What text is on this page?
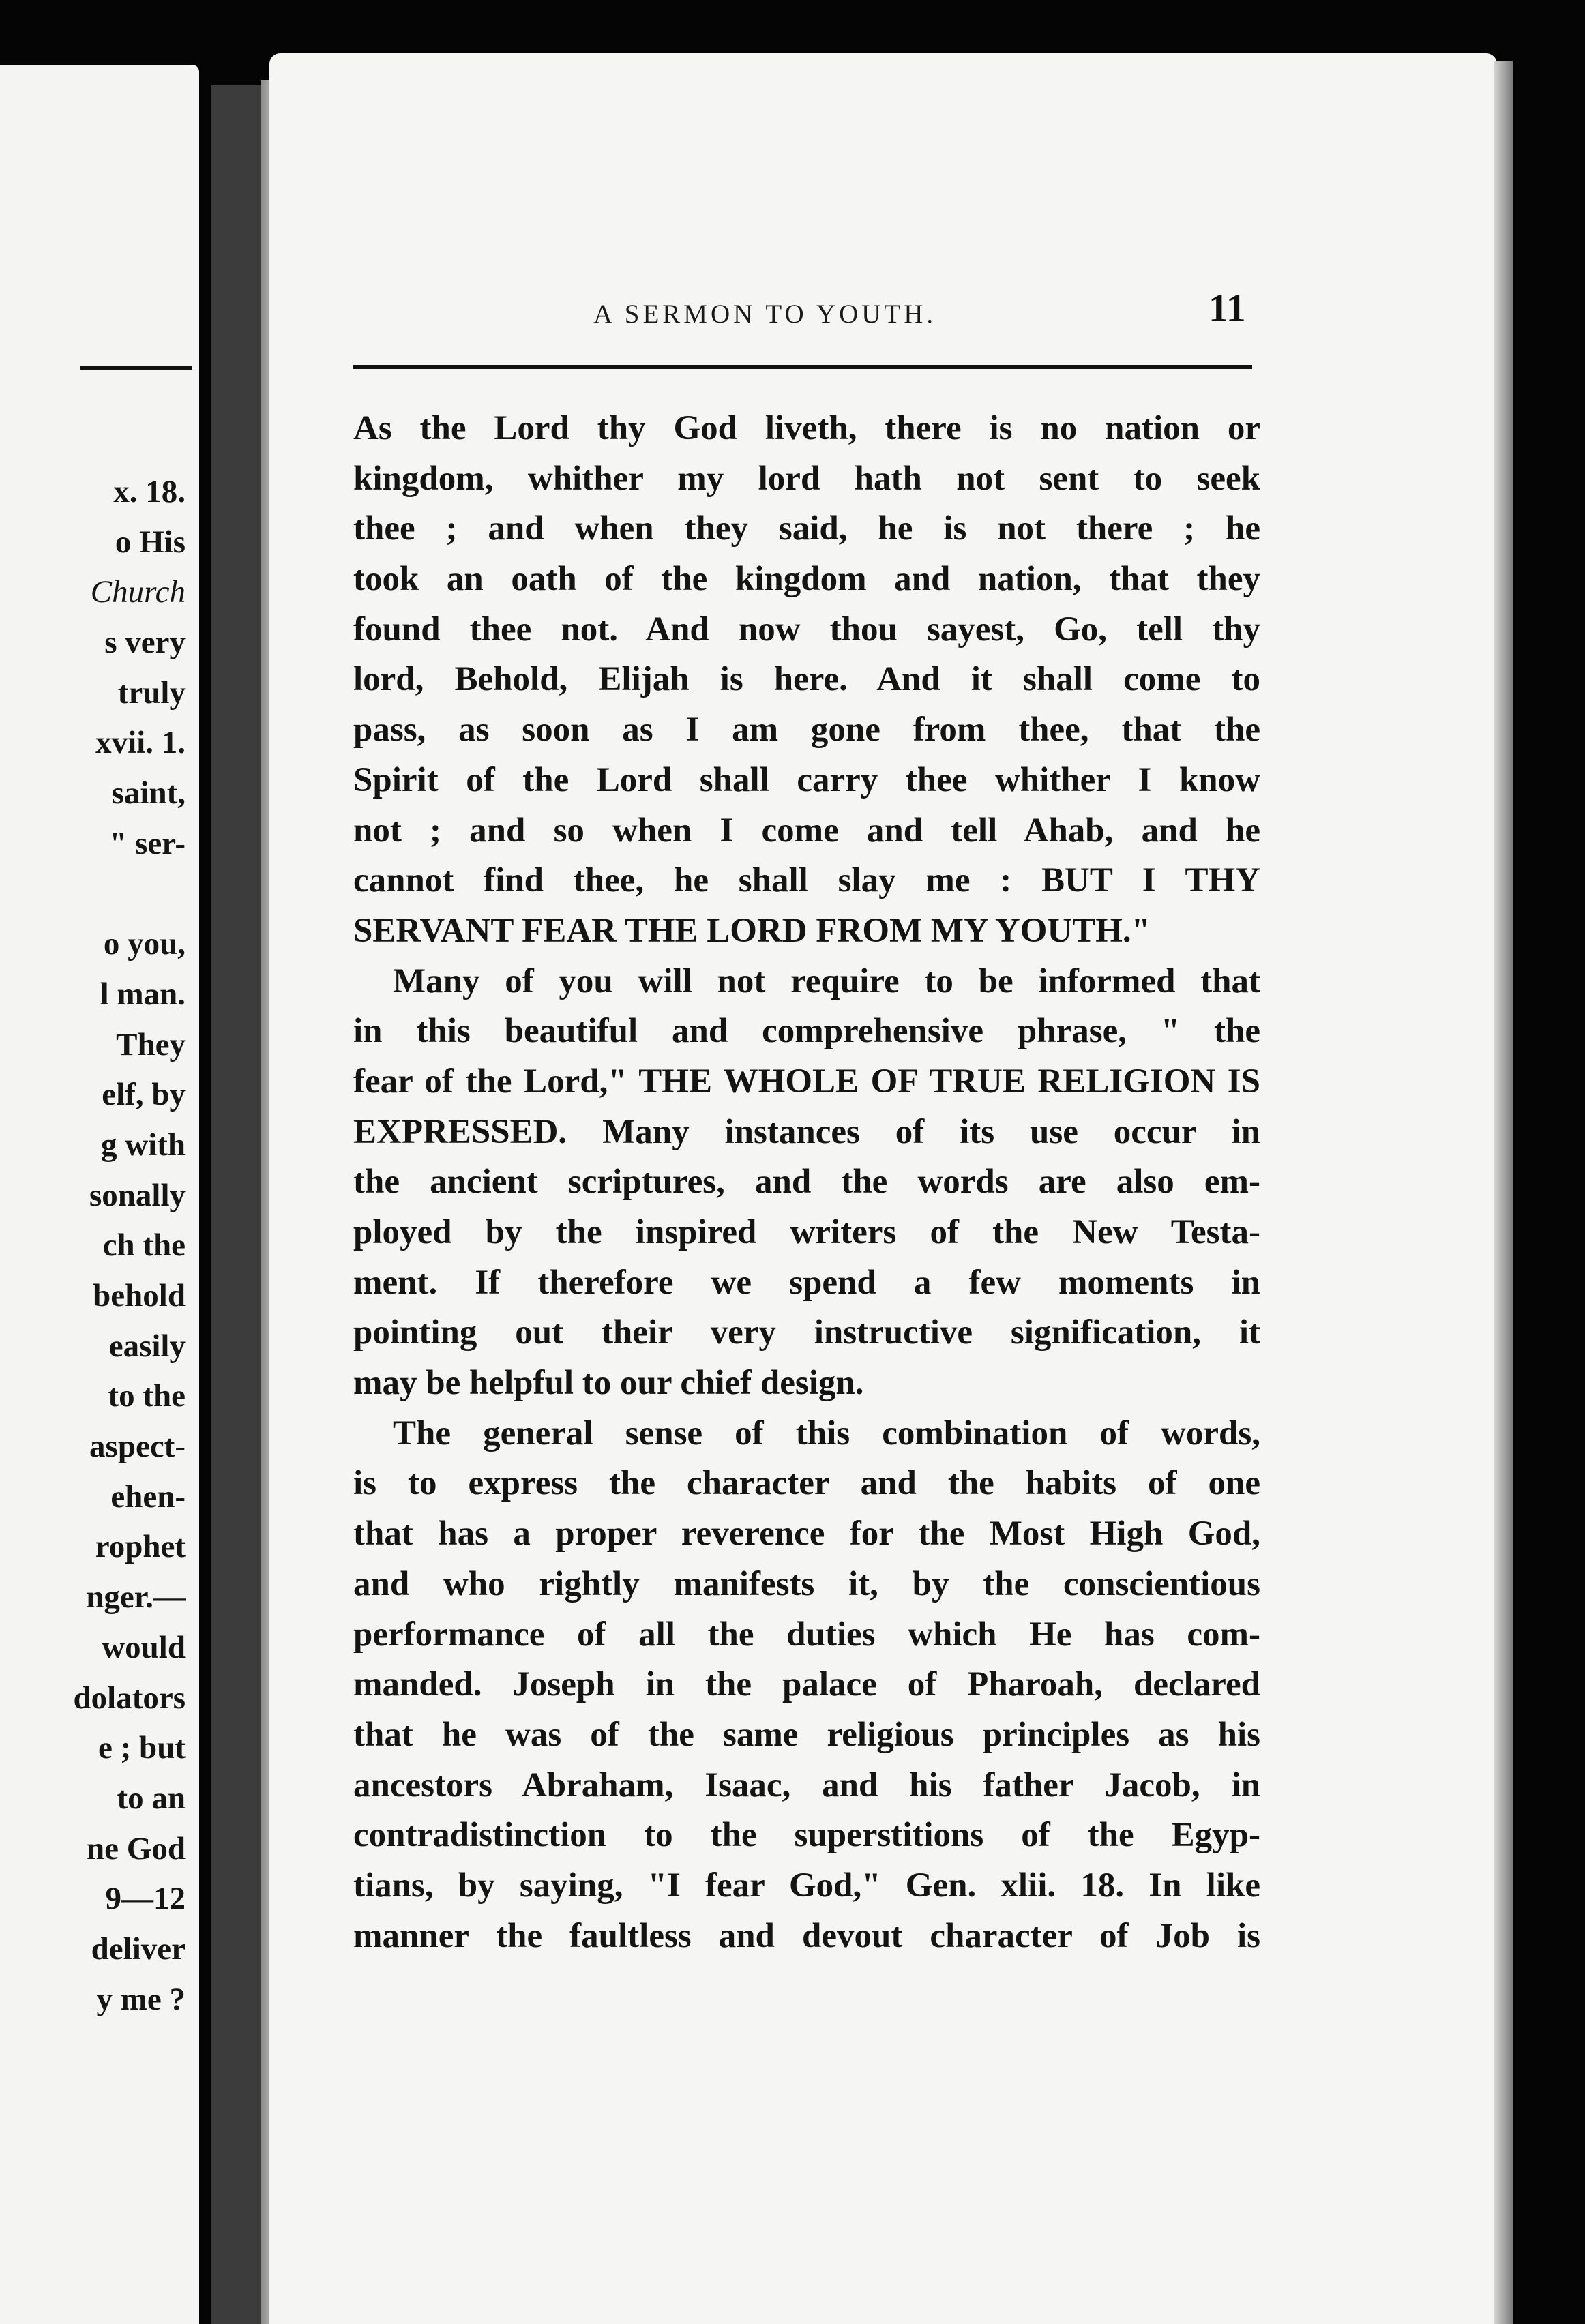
x. 18.
o His
Church
s very
truly
xvii. 1.
saint,
" ser-
o you,
l man.
They
elf, by
g with
sonally
ch the
behold
easily
to the
aspect-
ehen-
rophet
nger.—
would
dolators
e ; but
to an
ne God
9—12
deliver
y me ?
A SERMON TO YOUTH.	11
As the Lord thy God liveth, there is no nation or
kingdom, whither my lord hath not sent to seek
thee ; and when they said, he is not there ; he
took an oath of the kingdom and nation, that they
found thee not. And now thou sayest, Go, tell thy
lord, Behold, Elijah is here. And it shall come to
pass, as soon as I am gone from thee, that the
Spirit of the Lord shall carry thee whither I know
not ; and so when I come and tell Ahab, and he
cannot find thee, he shall slay me : BUT I THY
SERVANT FEAR THE LORD FROM MY YOUTH."
Many of you will not require to be informed that
in this beautiful and comprehensive phrase, " the
fear of the Lord," THE WHOLE OF TRUE RELIGION IS
EXPRESSED. Many instances of its use occur in
the ancient scriptures, and the words are also em-
ployed by the inspired writers of the New Testa-
ment. If therefore we spend a few moments in
pointing out their very instructive signification, it
may be helpful to our chief design.
The general sense of this combination of words,
is to express the character and the habits of one
that has a proper reverence for the Most High God,
and who rightly manifests it, by the conscientious
performance of all the duties which He has com-
manded. Joseph in the palace of Pharoah, declared
that he was of the same religious principles as his
ancestors Abraham, Isaac, and his father Jacob, in
contradistinction to the superstitions of the Egyp-
tians, by saying, "I fear God," Gen. xlii. 18. In like
manner the faultless and devout character of Job is
